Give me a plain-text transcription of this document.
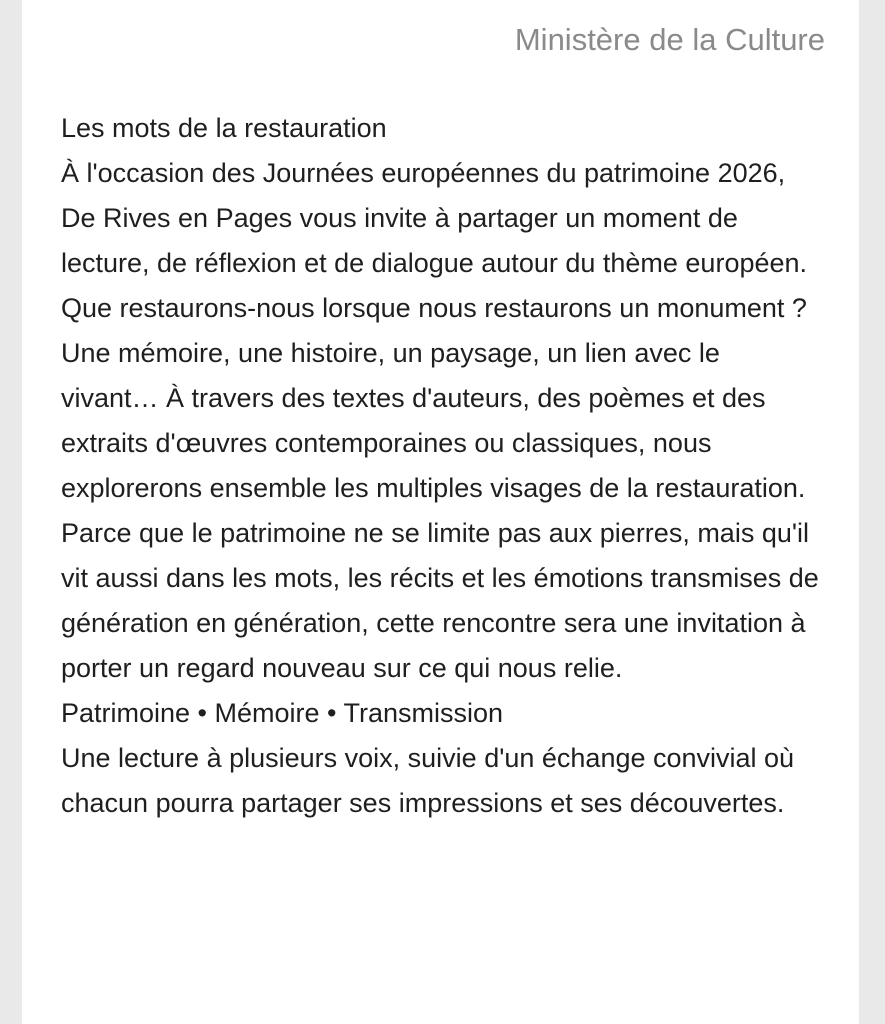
Ministère de la Culture

Les mots de la restauration

À l'occasion des Journées européennes du patrimoine 2026, De Rives en Pages vous invite à partager un moment de lecture, de réflexion et de dialogue autour du thème européen.

Que restaurons-nous lorsque nous restaurons un monument ? Une mémoire, une histoire, un paysage, un lien avec le vivant… À travers des textes d'auteurs, des poèmes et des extraits d'œuvres contemporaines ou classiques, nous explorerons ensemble les multiples visages de la restauration.

Parce que le patrimoine ne se limite pas aux pierres, mais qu'il vit aussi dans les mots, les récits et les émotions transmises de génération en génération, cette rencontre sera une invitation à porter un regard nouveau sur ce qui nous relie.

Patrimoine • Mémoire • Transmission

Une lecture à plusieurs voix, suivie d'un échange convivial où chacun pourra partager ses impressions et ses découvertes.
